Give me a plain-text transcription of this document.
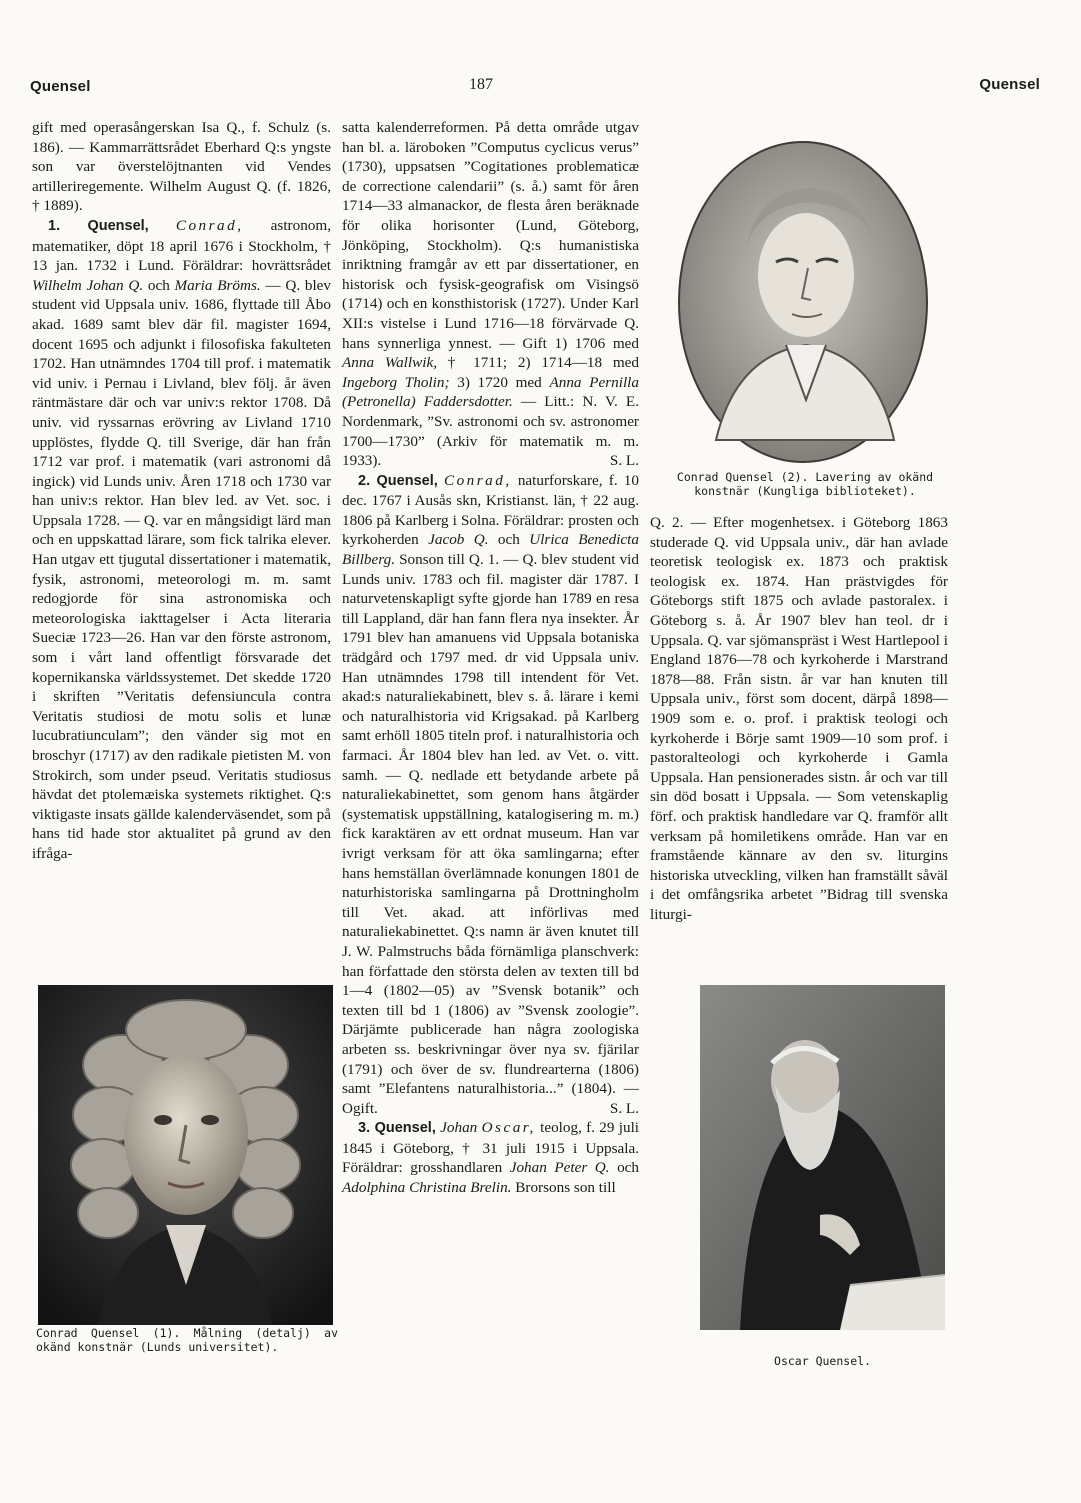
Quensel	187	Quensel

gift med operasångerskan Isa Q., f. Schulz (s. 186). — Kammarrättsrådet Eberhard Q:s yngste son var överstelöjtnanten vid Vendes artilleriregemente. Wilhelm August Q. (f. 1826, † 1889).

1. Quensel, Conrad, astronom, matematiker, döpt 18 april 1676 i Stockholm, † 13 jan. 1732 i Lund. Föräldrar: hovrättsrådet Wilhelm Johan Q. och Maria Bröms. — Q. blev student vid Uppsala univ. 1686, flyttade till Åbo akad. 1689 samt blev där fil. magister 1694, docent 1695 och adjunkt i filosofiska fakulteten 1702. Han utnämndes 1704 till prof. i matematik vid univ. i Pernau i Livland, blev följ. år även räntmästare där och var univ:s rektor 1708. Då univ. vid ryssarnas erövring av Livland 1710 upplöstes, flydde Q. till Sverige, där han från 1712 var prof. i matematik (vari astronomi då ingick) vid Lunds univ. Åren 1718 och 1730 var han univ:s rektor. Han blev led. av Vet. soc. i Uppsala 1728. — Q. var en mångsidigt lärd man och en uppskattad lärare, som fick talrika elever. Han utgav ett tjugutal dissertationer i matematik, fysik, astronomi, meteorologi m. m. samt redogjorde för sina astronomiska och meteorologiska iakttagelser i Acta literaria Sueciæ 1723—26. Han var den förste astronom, som i vårt land offentligt försvarade det kopernikanska världssystemet. Det skedde 1720 i skriften ”Veritatis defensiuncula contra Veritatis studiosi de motu solis et lunæ lucubratiunculam”; den vänder sig mot en broschyr (1717) av den radikale pietisten M. von Strokirch, som under pseud. Veritatis studiosus hävdat det ptolemæiska systemets riktighet. Q:s viktigaste insats gällde kalenderväsendet, som på hans tid hade stor aktualitet på grund av den ifråga-

Conrad Quensel (1). Målning (detalj) av okänd konstnär (Lunds universitet).

satta kalenderreformen. På detta område utgav han bl. a. läroboken ”Computus cyclicus verus” (1730), uppsatsen ”Cogitationes problematicæ de correctione calendarii” (s. å.) samt för åren 1714—33 almanackor, de flesta åren beräknade för olika horisonter (Lund, Göteborg, Jönköping, Stockholm). Q:s humanistiska inriktning framgår av ett par dissertationer, en historisk och fysisk-geografisk om Visingsö (1714) och en konsthistorisk (1727). Under Karl XII:s vistelse i Lund 1716—18 förvärvade Q. hans synnerliga ynnest. — Gift 1) 1706 med Anna Wallwik, † 1711; 2) 1714—18 med Ingeborg Tholin; 3) 1720 med Anna Pernilla (Petronella) Faddersdotter. — Litt.: N. V. E. Nordenmark, ”Sv. astronomi och sv. astronomer 1700—1730” (Arkiv för matematik m. m. 1933).	S. L.

2. Quensel, Conrad, naturforskare, f. 10 dec. 1767 i Ausås skn, Kristianst. län, † 22 aug. 1806 på Karlberg i Solna. Föräldrar: prosten och kyrkoherden Jacob Q. och Ulrica Benedicta Billberg. Sonson till Q. 1. — Q. blev student vid Lunds univ. 1783 och fil. magister där 1787. I naturvetenskapligt syfte gjorde han 1789 en resa till Lappland, där han fann flera nya insekter. År 1791 blev han amanuens vid Uppsala botaniska trädgård och 1797 med. dr vid Uppsala univ. Han utnämndes 1798 till intendent för Vet. akad:s naturaliekabinett, blev s. å. lärare i kemi och naturalhistoria vid Krigsakad. på Karlberg samt erhöll 1805 titeln prof. i naturalhistoria och farmaci. År 1804 blev han led. av Vet. o. vitt. samh. — Q. nedlade ett betydande arbete på naturaliekabinettet, som genom hans åtgärder (systematisk uppställning, katalogisering m. m.) fick karaktären av ett ordnat museum. Han var ivrigt verksam för att öka samlingarna; efter hans hemställan överlämnade konungen 1801 de naturhistoriska samlingarna på Drottningholm till Vet. akad. att införlivas med naturaliekabinettet. Q:s namn är även knutet till J. W. Palmstruchs båda förnämliga planschverk: han författade den största delen av texten till bd 1—4 (1802—05) av ”Svensk botanik” och texten till bd 1 (1806) av ”Svensk zoologie”. Därjämte publicerade han några zoologiska arbeten ss. beskrivningar över nya sv. fjärilar (1791) och över de sv. flundrearterna (1806) samt ”Elefantens naturalhistoria...” (1804). — Ogift.	S. L.

3. Quensel, Johan Oscar, teolog, f. 29 juli 1845 i Göteborg, † 31 juli 1915 i Uppsala. Föräldrar: grosshandlaren Johan Peter Q. och Adolphina Christina Brelin. Brorsons son till

Conrad Quensel (2). Lavering av okänd konstnär (Kungliga biblioteket).

Q. 2. — Efter mogenhetsex. i Göteborg 1863 studerade Q. vid Uppsala univ., där han avlade teoretisk teologisk ex. 1873 och praktisk teologisk ex. 1874. Han prästvigdes för Göteborgs stift 1875 och avlade pastoralex. i Göteborg s. å. År 1907 blev han teol. dr i Uppsala. Q. var sjömanspräst i West Hartlepool i England 1876—78 och kyrkoherde i Marstrand 1878—88. Från sistn. år var han knuten till Uppsala univ., först som docent, därpå 1898—1909 som e. o. prof. i praktisk teologi och kyrkoherde i Börje samt 1909—10 som prof. i pastoralteologi och kyrkoherde i Gamla Uppsala. Han pensionerades sistn. år och var till sin död bosatt i Uppsala. — Som vetenskaplig förf. och praktisk handledare var Q. framför allt verksam på homiletikens område. Han var en framstående kännare av den sv. liturgins historiska utveckling, vilken han framställt såväl i det omfångsrika arbetet ”Bidrag till svenska liturgi-

Oscar Quensel.
